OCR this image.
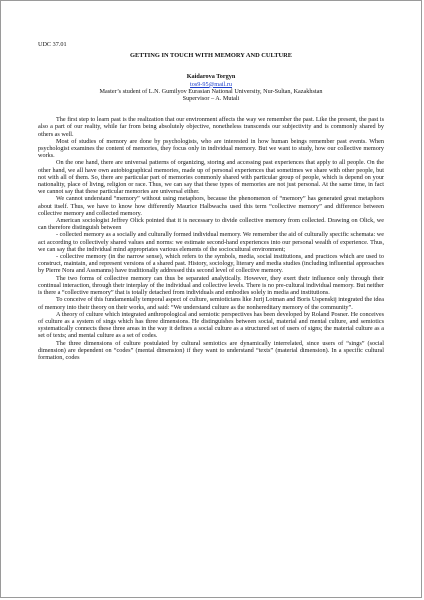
UDC 37.01

GETTING IN TOUCH WITH MEMORY AND CULTURE

Kaidarova Torgyn

tos9-95@mail.ru

Master’s student of L.N. Gumilyov Eurasian National University, Nur-Sultan, Kazakhstan

Supervisor – A. Mutali

The first step to learn past is the realization that our environment affects the way we remember the past. Like the present, the past is also a part of our reality, while far from being absolutely objective, nonetheless transcends our subjectivity and is commonly shared by others as well.

Most of studies of memory are done by psychologists, who are interested in how human beings remember past events. When psychologist examines the content of memories, they focus only in individual memory. But we want to study, how our collective memory works.

On the one hand, there are universal patterns of organizing, storing and accessing past experiences that apply to all people. On the other hand, we all have own autobiographical memories, made up of personal experiences that sometimes we share with other people, but not with all of them. So, there are particular part of memories commonly shared with particular group of people, which is depend on your nationality, place of living, religion or race. Thus, we can say that these types of memories are not just personal. At the same time, in fact we cannot say that these particular memories are universal either.

We cannot understand “memory” without using metaphors, because the phenomenon of “memory” has generated great metaphors about itself. Thus, we have to know how differently Maurice Halbwachs used this term “collective memory” and difference between collective memory and collected memory.

American sociologist Jeffrey Olick pointed that it is necessary to divide collective memory from collected. Drawing on Olick, we can therefore distinguish between

- collected memory as a socially and culturally formed individual memory. We remember the aid of culturally specific schemata: we act according to collectively shared values and norms: we estimate second-hand experiences into our personal wealth of experience. Thus, we can say that the individual mind appropriates various elements of the sociocultural environment;

- collective memory (in the narrow sense), which refers to the symbols, media, social institutions, and practices which are used to construct, maintain, and represent versions of a shared past. History, sociology, literary and media studies (including influential approaches by Pierre Nora and Assmanns) have traditionally addressed this second level of collective memory.

The two forms of collective memory can thus be separated analytically. However, they exert their influence only through their continual interaction, through their interplay of the individual and collective levels. There is no pre-cultural individual memory. But neither is there a “collective memory” that is totally detached from individuals and embodies solely in media and institutions.

To conceive of this fundamentally temporal aspect of culture, semioticians like Jurij Lotman and Boris Uspenskij integrated the idea of memory into their theory on their works, and said: “We understand culture as the nonhereditary memory of the community”.

A theory of culture which integrated anthropological and semiotic perspectives has been developed by Roland Posner. He conceives of culture as a system of sings which has three dimensions. He distinguishes between social, material and mental culture, and semiotics systematically connects these three areas in the way it defines a social culture as a structured set of users of signs; the material culture as a set of texts; and mental culture as a set of codes.

The three dimensions of culture postulated by cultural semiotics are dynamically interrelated, since users of “sings” (social dimension) are dependent on “codes” (mental dimension) if they want to understand “texts” (material dimension). In a specific cultural formation, codes
